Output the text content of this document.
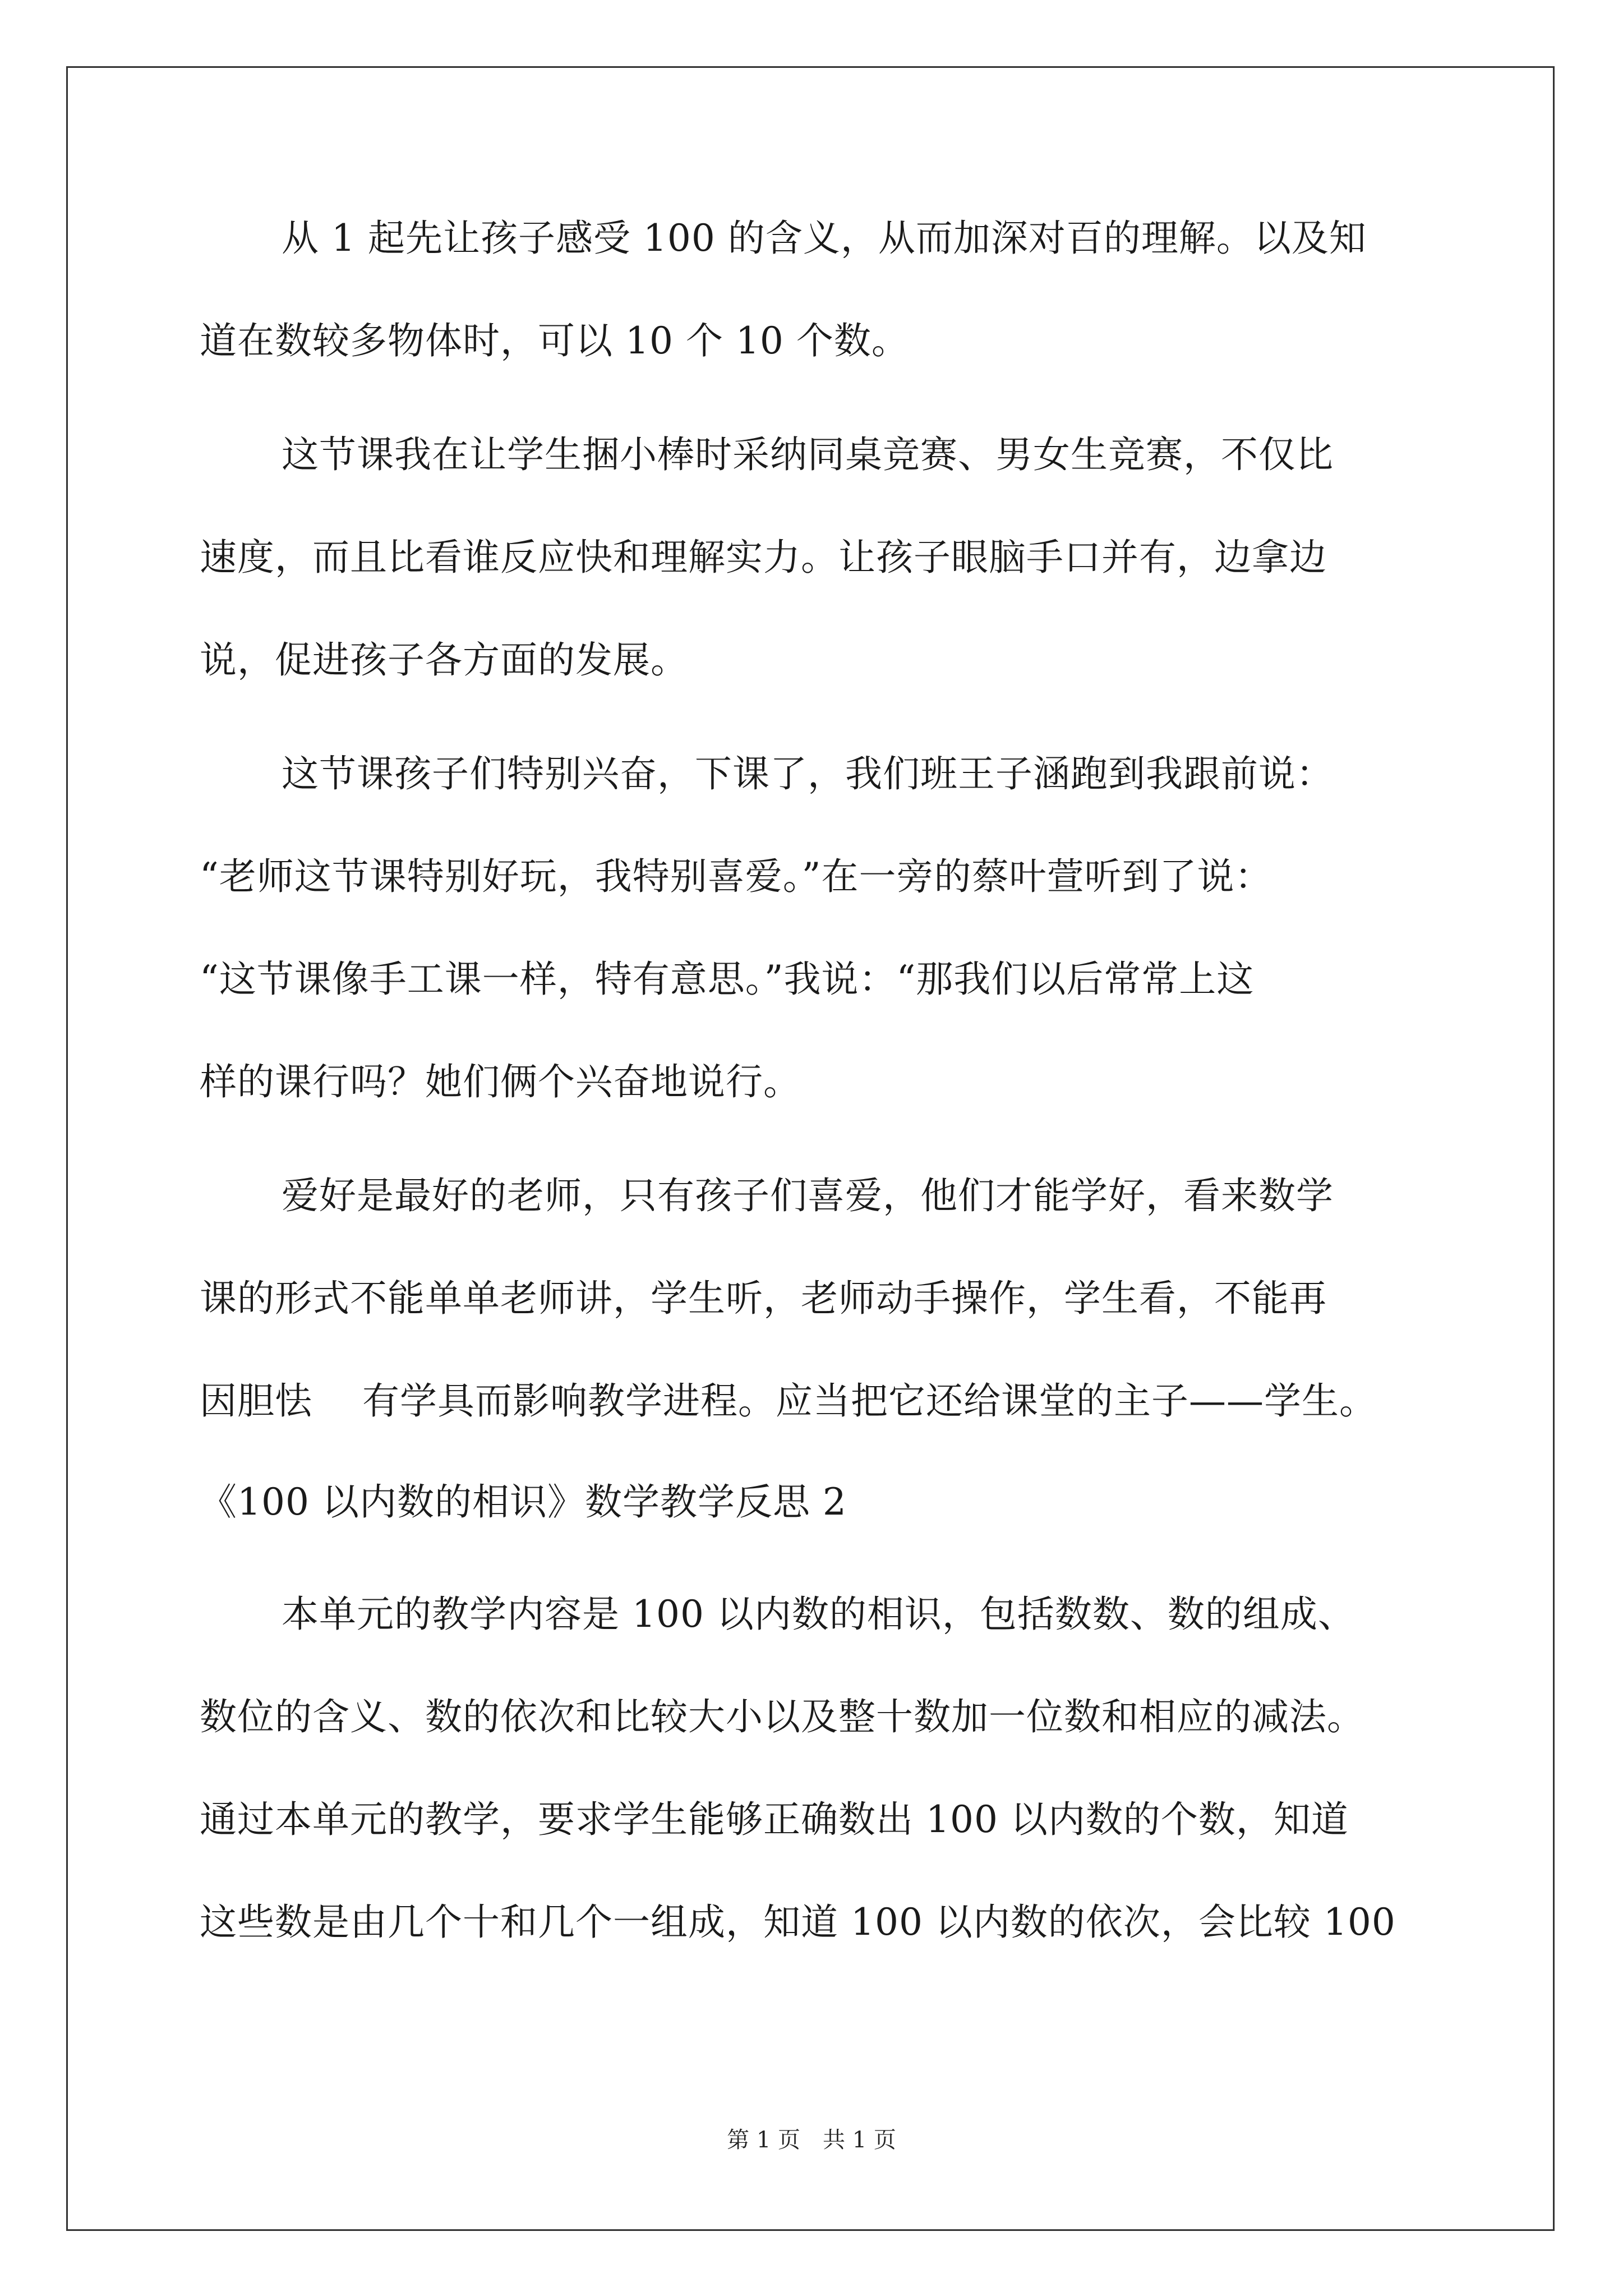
从 1 起先让孩子感受 100 的含义，从而加深对百的理解。以及知
道在数较多物体时，可以 10 个 10 个数。
这节课我在让学生捆小棒时采纳同桌竞赛、男女生竞赛，不仅比
速度，而且比看谁反应快和理解实力。让孩子眼脑手口并有，边拿边
说，促进孩子各方面的发展。
这节课孩子们特别兴奋，下课了，我们班王子涵跑到我跟前说：
“老师这节课特别好玩，我特别喜爱。”在一旁的蔡叶萱听到了说：
“这节课像手工课一样，特有意思。”我说：“那我们以后常常上这
样的课行吗？她们俩个兴奋地说行。
爱好是最好的老师，只有孩子们喜爱，他们才能学好，看来数学
课的形式不能单单老师讲，学生听，老师动手操作，学生看，不能再
因胆怯　 有学具而影响教学进程。应当把它还给课堂的主子——学生。
《100 以内数的相识》数学教学反思 2
本单元的教学内容是 100 以内数的相识，包括数数、数的组成、
数位的含义、数的依次和比较大小以及整十数加一位数和相应的减法。
通过本单元的教学，要求学生能够正确数出 100 以内数的个数，知道
这些数是由几个十和几个一组成，知道 100 以内数的依次，会比较 100
第 1 页 共 1 页
